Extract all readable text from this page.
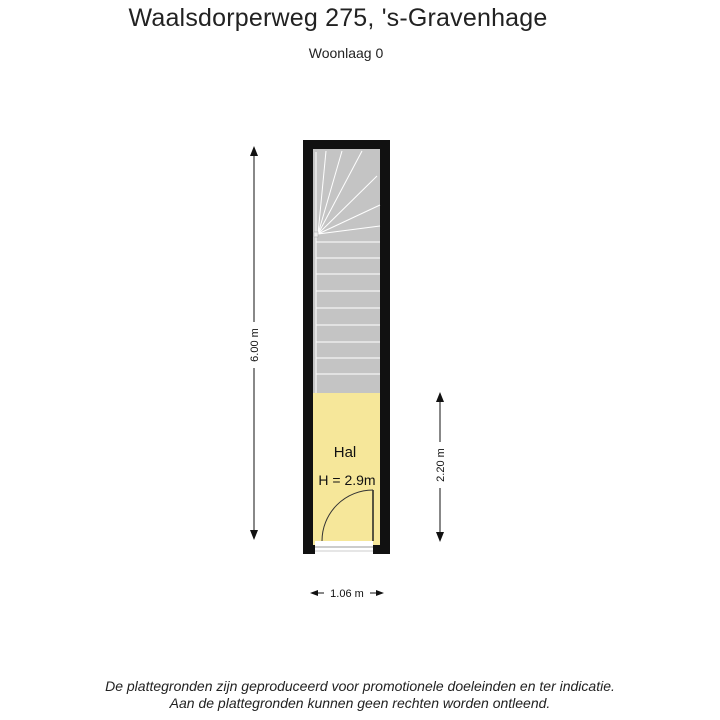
Waalsdorperweg 275, 's-Gravenhage
Woonlaag 0
Hal
H = 2.9m
6.00 m
2.20 m
1.06 m
De plattegronden zijn geproduceerd voor promotionele doeleinden en ter indicatie.
Aan de plattegronden kunnen geen rechten worden ontleend.
